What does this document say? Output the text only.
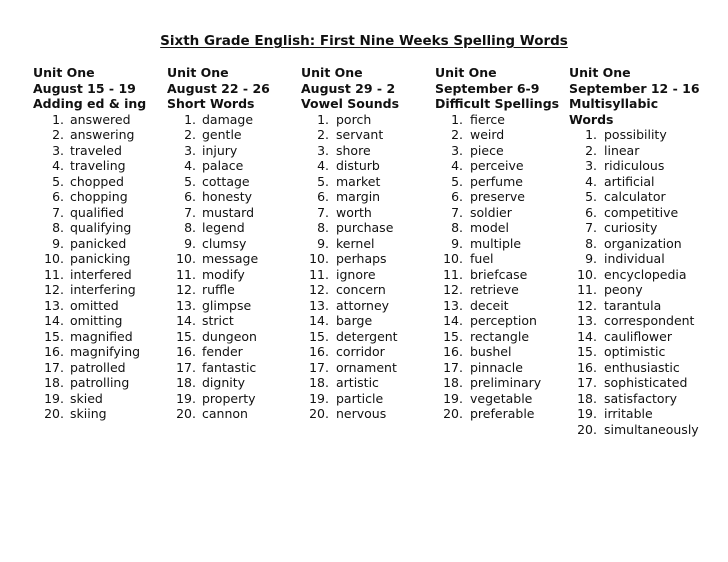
Sixth Grade English: First Nine Weeks Spelling Words
Unit One
August 15 - 19
Adding ed & ing
1. answered
2. answering
3. traveled
4. traveling
5. chopped
6. chopping
7. qualified
8. qualifying
9. panicked
10. panicking
11. interfered
12. interfering
13. omitted
14. omitting
15. magnified
16. magnifying
17. patrolled
18. patrolling
19. skied
20. skiing
Unit One
August 22 - 26
Short Words
1. damage
2. gentle
3. injury
4. palace
5. cottage
6. honesty
7. mustard
8. legend
9. clumsy
10. message
11. modify
12. ruffle
13. glimpse
14. strict
15. dungeon
16. fender
17. fantastic
18. dignity
19. property
20. cannon
Unit One
August 29 - 2
Vowel Sounds
1. porch
2. servant
3. shore
4. disturb
5. market
6. margin
7. worth
8. purchase
9. kernel
10. perhaps
11. ignore
12. concern
13. attorney
14. barge
15. detergent
16. corridor
17. ornament
18. artistic
19. particle
20. nervous
Unit One
September 6-9
Difficult Spellings
1. fierce
2. weird
3. piece
4. perceive
5. perfume
6. preserve
7. soldier
8. model
9. multiple
10. fuel
11. briefcase
12. retrieve
13. deceit
14. perception
15. rectangle
16. bushel
17. pinnacle
18. preliminary
19. vegetable
20. preferable
Unit One
September 12 - 16
Multisyllabic
Words
1. possibility
2. linear
3. ridiculous
4. artificial
5. calculator
6. competitive
7. curiosity
8. organization
9. individual
10. encyclopedia
11. peony
12. tarantula
13. correspondent
14. cauliflower
15. optimistic
16. enthusiastic
17. sophisticated
18. satisfactory
19. irritable
20. simultaneously
